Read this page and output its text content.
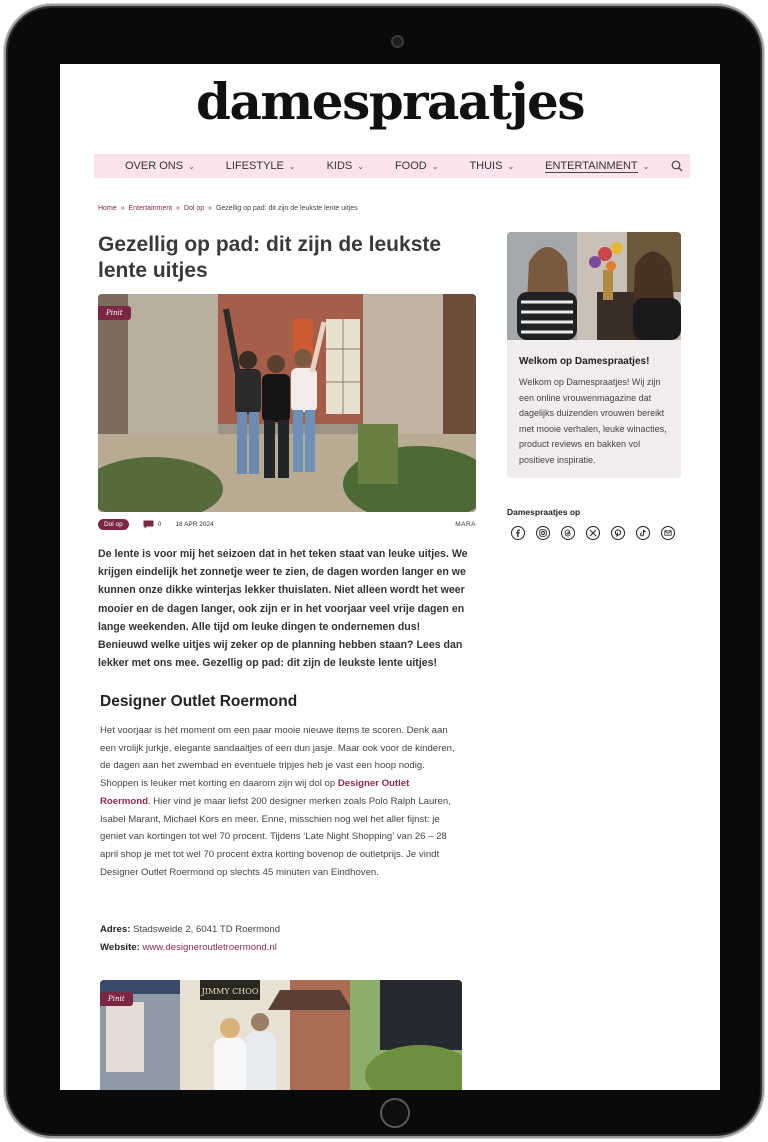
damespraatjes
OVER ONS ⌄	LIFESTYLE ⌄	KIDS ⌄	FOOD ⌄	THUIS ⌄	ENTERTAINMENT ⌄
Home » Entertainment » Dol op » Gezellig op pad: dit zijn de leukste lente uitjes
Gezellig op pad: dit zijn de leukste lente uitjes
Pinit
Dol op	0 18 APR 2024	MARA

De lente is voor mij het seizoen dat in het teken staat van leuke uitjes. We krijgen eindelijk het zonnetje weer te zien, de dagen worden langer en we kunnen onze dikke winterjas lekker thuislaten. Niet alleen wordt het weer mooier en de dagen langer, ook zijn er in het voorjaar veel vrije dagen en lange weekenden. Alle tijd om leuke dingen te ondernemen dus! Benieuwd welke uitjes wij zeker op de planning hebben staan? Lees dan lekker met ons mee. Gezellig op pad: dit zijn de leukste lente uitjes!

Designer Outlet Roermond

Het voorjaar is hét moment om een paar mooie nieuwe items te scoren. Denk aan een vrolijk jurkje, elegante sandaaltjes of een dun jasje. Maar ook voor de kinderen, de dagen aan het zwembad en eventuele tripjes heb je vast een hoop nodig. Shoppen is leuker met korting en daarom zijn wij dol op Designer Outlet Roermond. Hier vind je maar liefst 200 designer merken zoals Polo Ralph Lauren, Isabel Marant, Michael Kors en meer. Enne, misschien nog wel het aller fijnst: je geniet van kortingen tot wel 70 procent. Tijdens ‘Late Night Shopping’ van 26 – 28 april shop je met tot wel 70 procent èxtra korting bovenop de outletprijs. Je vindt Designer Outlet Roermond op slechts 45 minuten van Eindhoven.

Adres: Stadsweide 2, 6041 TD Roermond
Website: www.designeroutletroermond.nl
Pinit
JIMMY CHOO
Welkom op Damespraatjes!

Welkom op Damespraatjes! Wij zijn een online vrouwenmagazine dat dagelijks duizenden vrouwen bereikt met mooie verhalen, leuke winacties, product reviews en bakken vol positieve inspiratie.

Damespraatjes op
